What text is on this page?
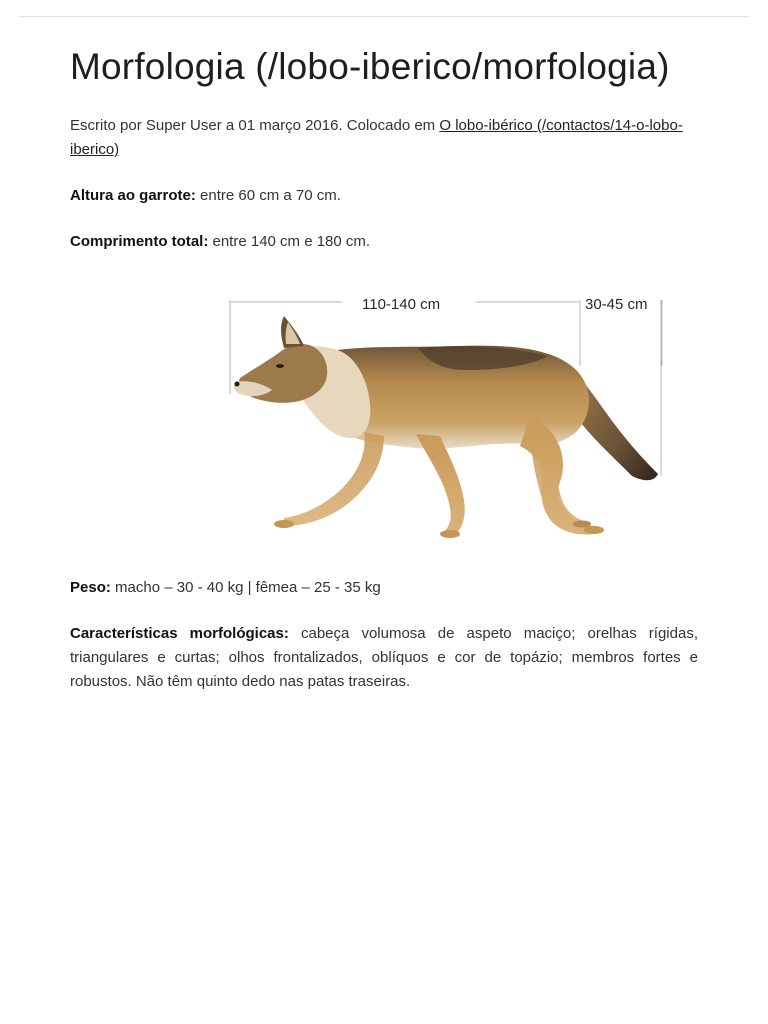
Morfologia (/lobo-iberico/morfologia)
Escrito por Super User a 01 março 2016. Colocado em O lobo-ibérico (/contactos/14-o-lobo-iberico)

Altura ao garrote: entre 60 cm a 70 cm.

Comprimento total: entre 140 cm e 180 cm.

110-140 cm	30-45 cm

Peso: macho – 30 - 40 kg | fêmea – 25 - 35 kg

Características morfológicas: cabeça volumosa de aspeto maciço; orelhas rígidas, triangulares e curtas; olhos frontalizados, oblíquos e cor de topázio; membros fortes e robustos. Não têm quinto dedo nas patas traseiras.
